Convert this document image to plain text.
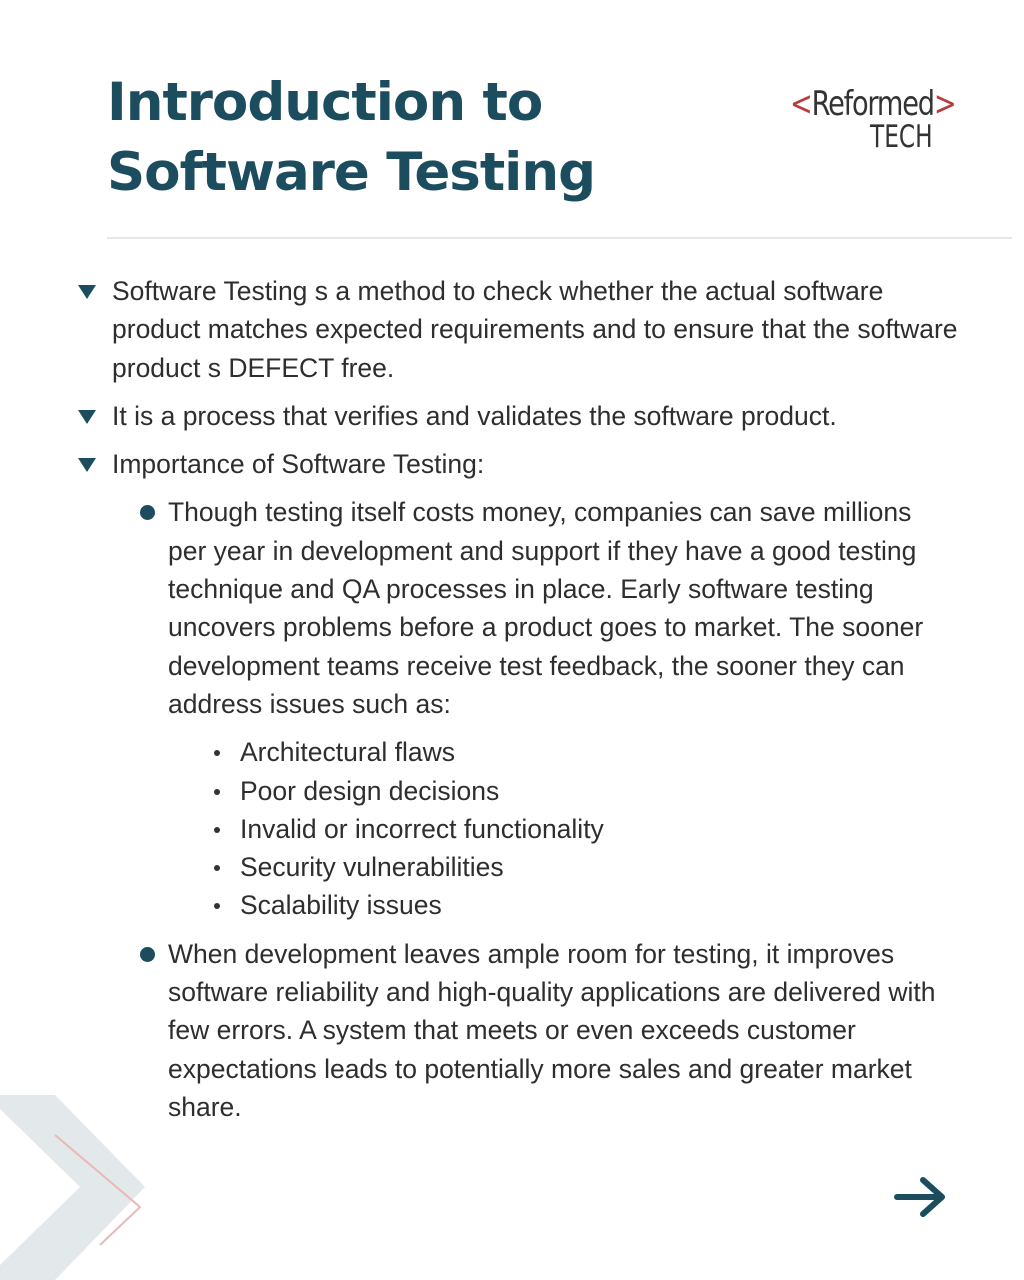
Introduction to
Software Testing
<Reformed>
TECH
Software Testing s a method to check whether the actual software product matches expected requirements and to ensure that the software product s DEFECT free.
It is a process that verifies and validates the software product.
Importance of Software Testing:
Though testing itself costs money, companies can save millions per year in development and support if they have a good testing technique and QA processes in place. Early software testing uncovers problems before a product goes to market. The sooner development teams receive test feedback, the sooner they can address issues such as:
Architectural flaws
Poor design decisions
Invalid or incorrect functionality
Security vulnerabilities
Scalability issues
When development leaves ample room for testing, it improves software reliability and high-quality applications are delivered with few errors. A system that meets or even exceeds customer expectations leads to potentially more sales and greater market share.
